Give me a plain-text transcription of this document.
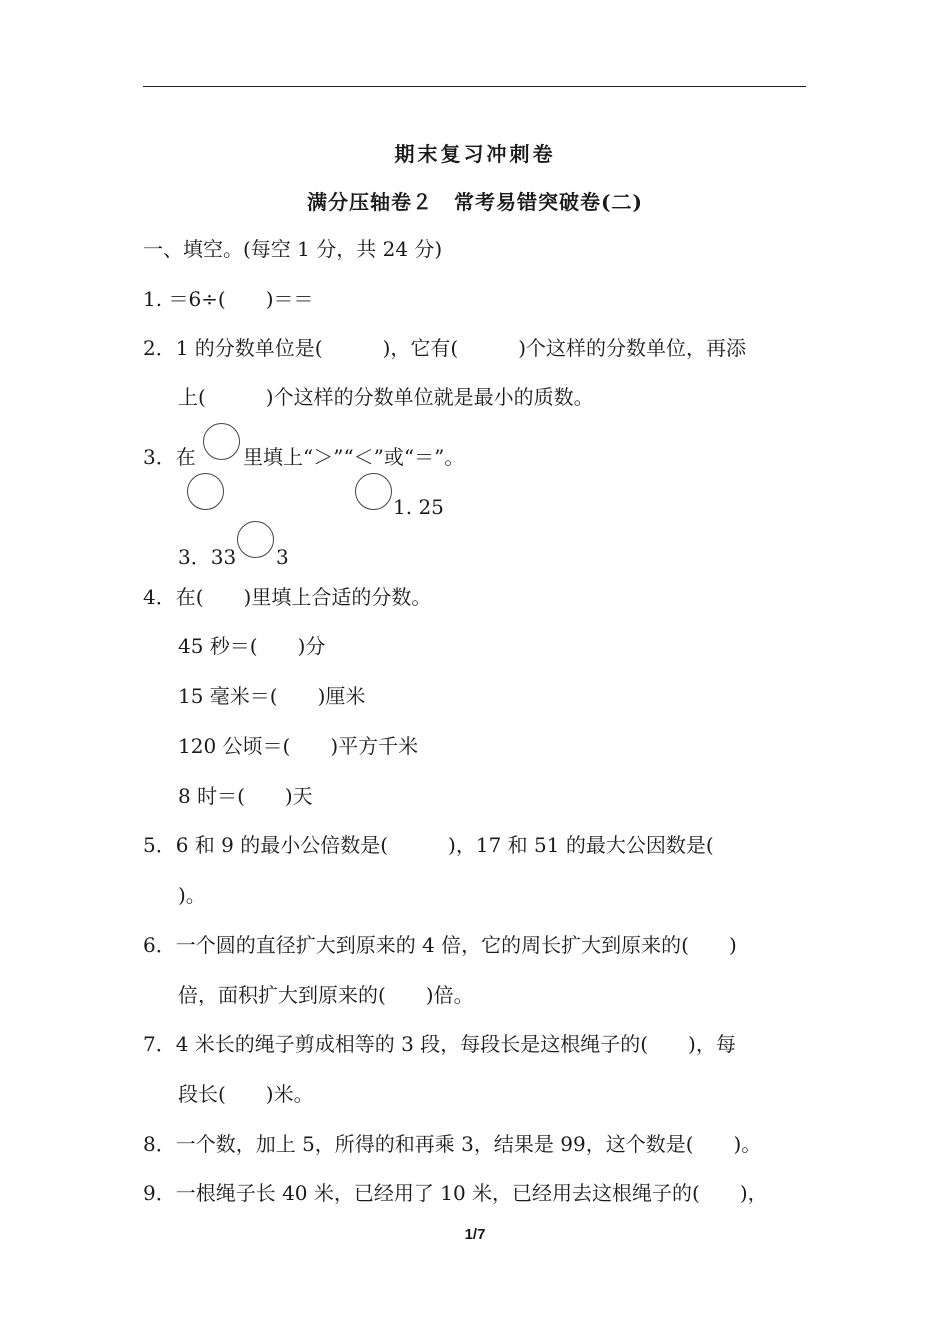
期末复习冲刺卷
满分压轴卷２　常考易错突破卷(二)
一、填空。(每空 1 分，共 24 分)
1. ＝6÷(　　)＝＝
2．1 的分数单位是(　　　)，它有(　　　)个这样的分数单位，再添
上(　　　)个这样的分数单位就是最小的质数。
3．在 里填上“＞”“＜”或“＝”。
1. 25
3．33 3
4．在(　　)里填上合适的分数。
45 秒＝(　　)分
15 毫米＝(　　)厘米
120 公顷＝(　　)平方千米
8 时＝(　　)天
5．6 和 9 的最小公倍数是(　　　)，17 和 51 的最大公因数是(
)。
6．一个圆的直径扩大到原来的 4 倍，它的周长扩大到原来的(　　)
倍，面积扩大到原来的(　　)倍。
7．4 米长的绳子剪成相等的 3 段，每段长是这根绳子的(　　)，每
段长(　　)米。
8．一个数，加上 5，所得的和再乘 3，结果是 99，这个数是(　　)。
9．一根绳子长 40 米，已经用了 10 米，已经用去这根绳子的(　　)，
1/7
